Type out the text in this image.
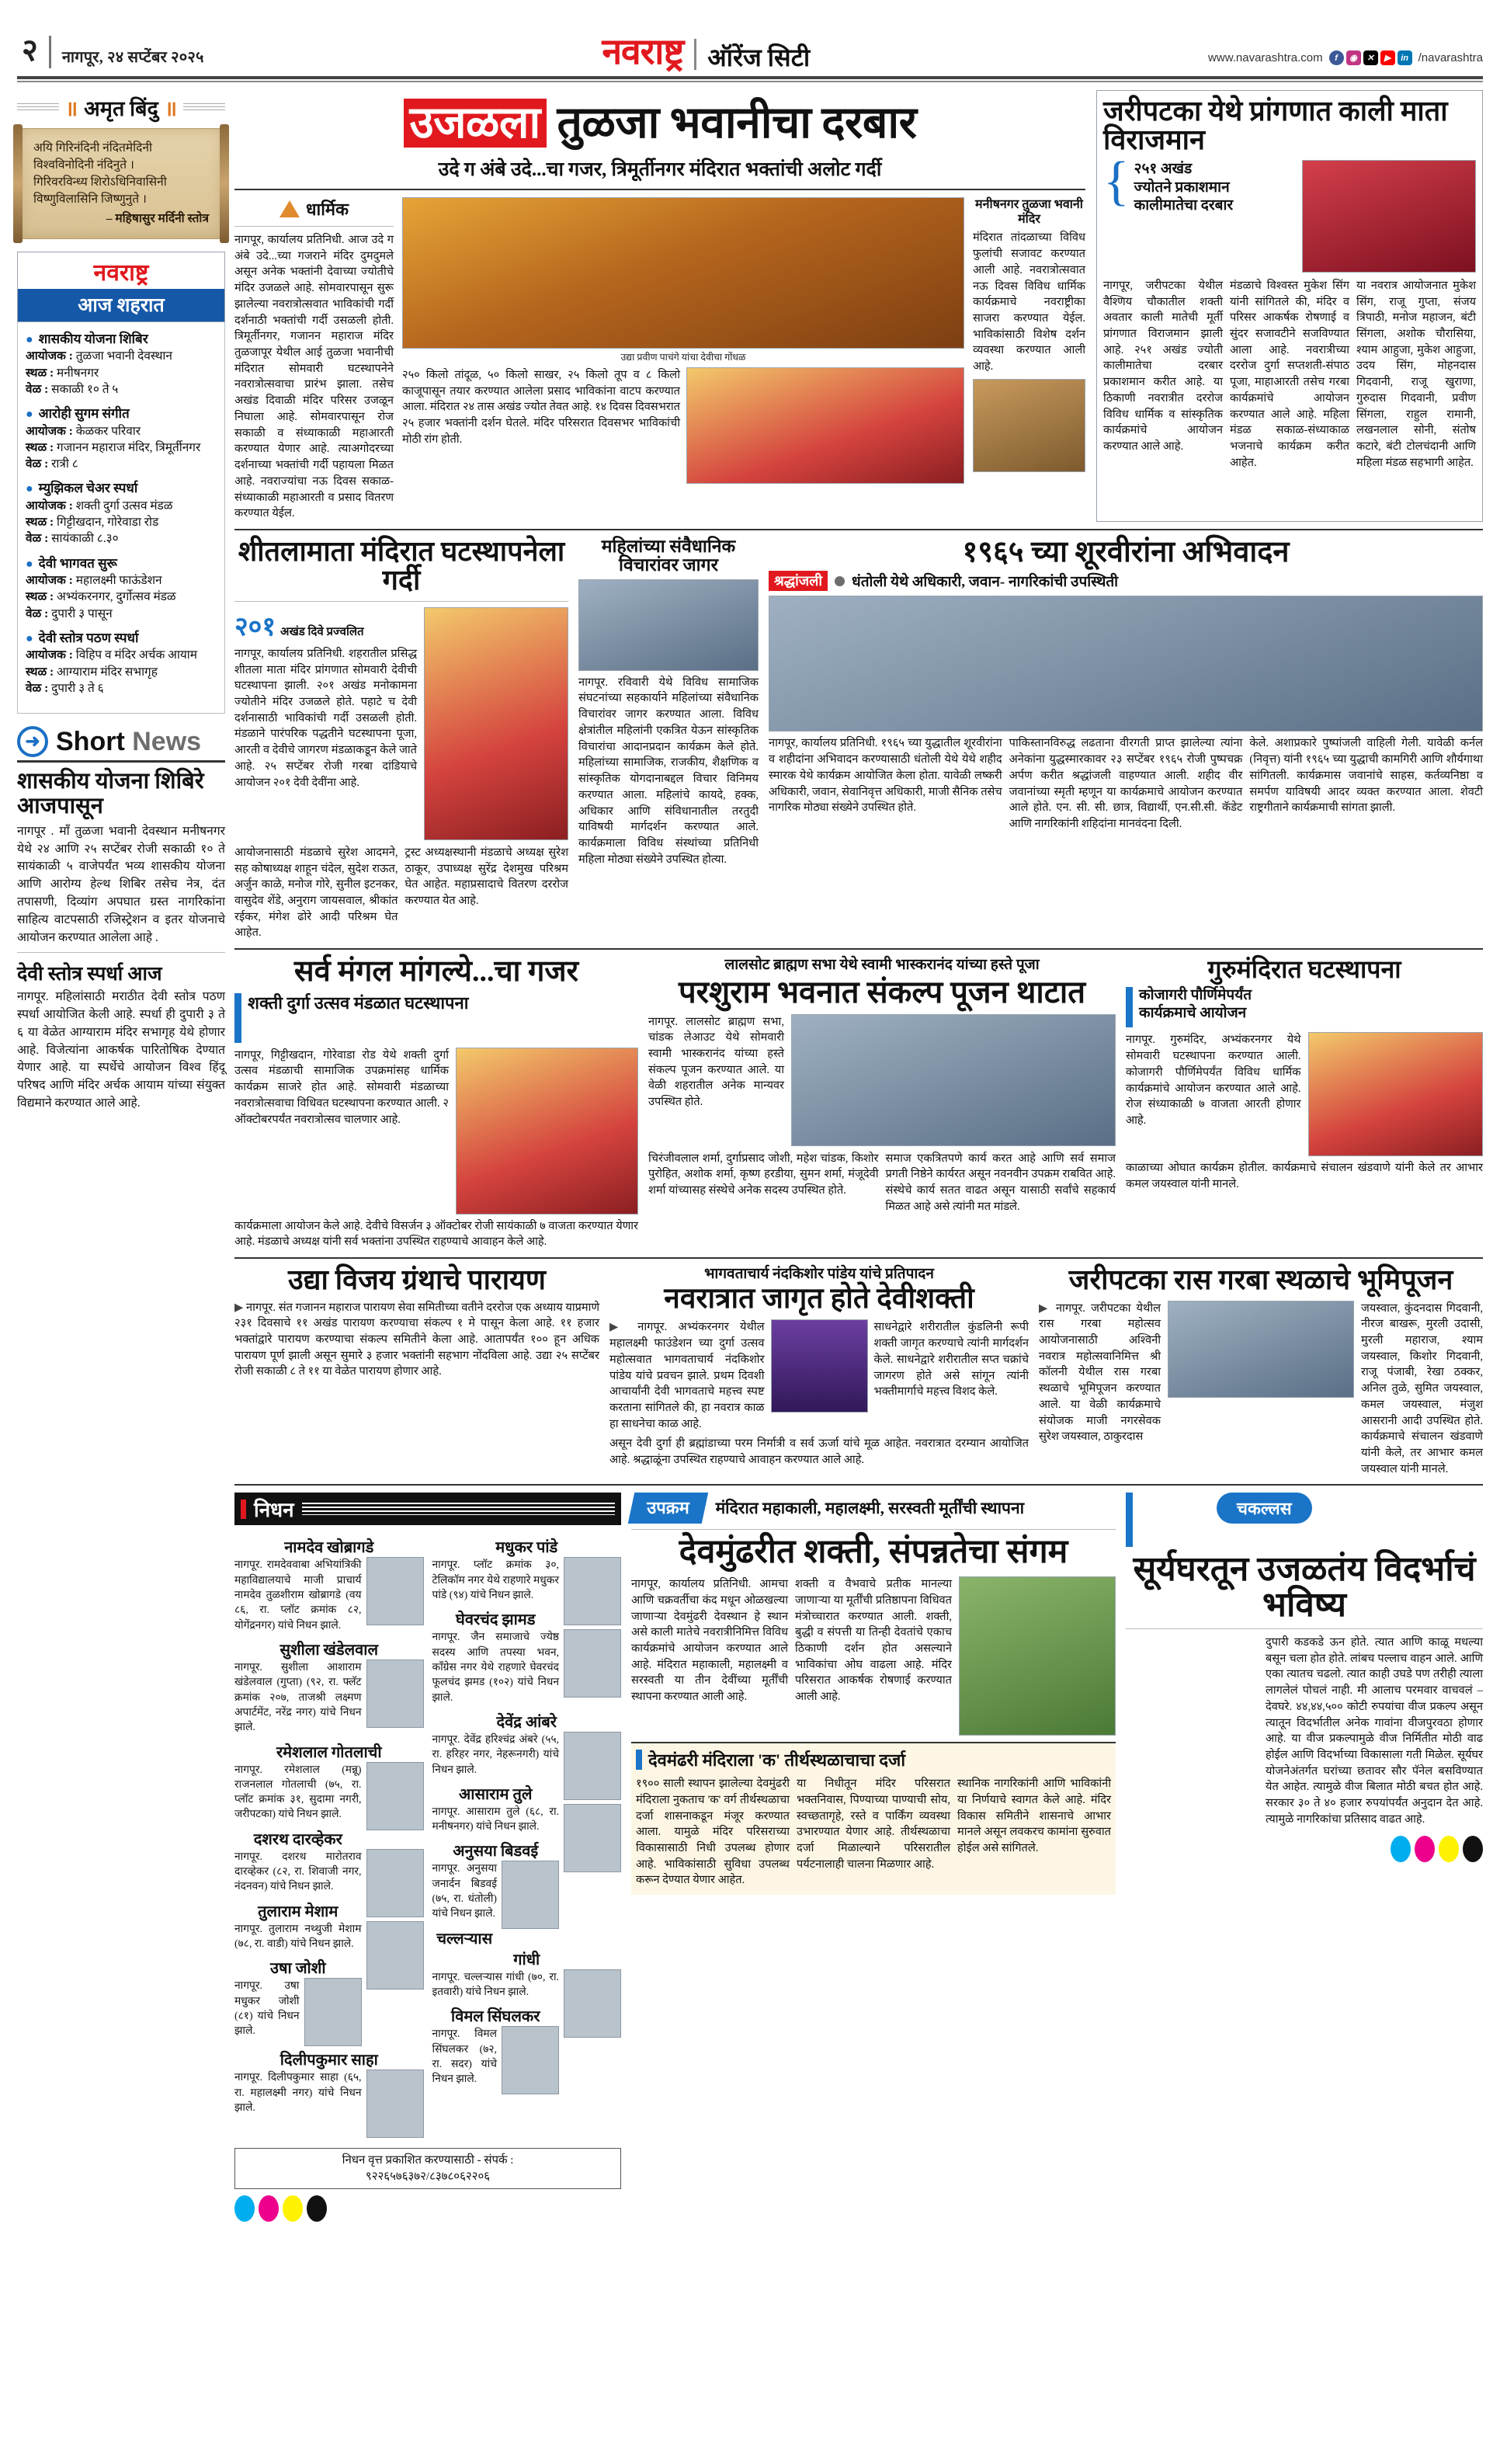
२	नागपूर, २४ सप्टेंबर २०२५	नवराष्ट्र ऑरेंज सिटी	www.navarashtra.com	f	◉	✕	▶	in /navarashtra
॥ अमृत बिंदु ॥

अयि गिरिनंदिनी नंदितमेदिनी

विश्वविनोदिनी नंदिनुते ।

गिरिवरविन्ध्य शिरोऽधिनिवासिनी

विष्णुविलासिनि जिष्णुनुते ।

– महिषासुर मर्दिनी स्तोत्र

नवराष्ट्र
आज शहरात
● शासकीय योजना शिबिर
आयोजक : तुळजा भवानी देवस्थान
स्थळ : मनीषनगर
वेळ : सकाळी १० ते ५
● आरोही सुगम संगीत
आयोजक : केळकर परिवार
स्थळ : गजानन महाराज मंदिर, त्रिमूर्तीनगर
वेळ : रात्री ८
● म्युझिकल चेअर स्पर्धा
आयोजक : शक्ती दुर्गा उत्सव मंडळ
स्थळ : गिट्टीखदान, गोरेवाडा रोड
वेळ : सायंकाळी ८.३०
● देवी भागवत सुरू
आयोजक : महालक्ष्मी फाऊंडेशन
स्थळ : अभ्यंकरनगर, दुर्गोत्सव मंडळ
वेळ : दुपारी ३ पासून
● देवी स्तोत्र पठण स्पर्धा
आयोजक : विहिप व मंदिर अर्चक आयाम
स्थळ : आग्याराम मंदिर सभागृह
वेळ : दुपारी ३ ते ६
➜
Short News
शासकीय योजना शिबिरे आजपासून
नागपूर . माँ तुळजा भवानी देवस्थान मनीषनगर येथे २४ आणि २५ सप्टेंबर रोजी सकाळी १० ते सायंकाळी ५ वाजेपर्यंत भव्य शासकीय योजना आणि आरोग्य हेल्थ शिबिर तसेच नेत्र, दंत तपासणी, दिव्यांग अपघात ग्रस्त नागरिकांना साहित्य वाटपसाठी रजिस्ट्रेशन व इतर योजनाचे आयोजन करण्यात आलेला आहे .
देवी स्तोत्र स्पर्धा आज
नागपूर. महिलांसाठी मराठीत देवी स्तोत्र पठण स्पर्धा आयोजित केली आहे. स्पर्धा ही दुपारी ३ ते ६ या वेळेत आग्याराम मंदिर सभागृह येथे होणार आहे. विजेत्यांना आकर्षक पारितोषिक देण्यात येणार आहे. या स्पर्धेचे आयोजन विश्व हिंदू परिषद आणि मंदिर अर्चक आयाम यांच्या संयुक्त विद्यमाने करण्यात आले आहे.
उजळला तुळजा भवानीचा दरबार
उदे ग अंबे उदे...चा गजर, त्रिमूर्तीनगर मंदिरात भक्तांची अलोट गर्दी
धार्मिक
नागपूर, कार्यालय प्रतिनिधी. आज उदे ग अंबे उदे...च्या गजराने मंदिर दुमदुमले असून अनेक भक्तांनी देवाच्या ज्योतीचे मंदिर उजळले आहे. सोमवारपासून सुरू झालेल्या नवरात्रोत्सवात भाविकांची गर्दी दर्शनाठी भक्तांची गर्दी उसळली होती. त्रिमूर्तीनगर, गजानन महाराज मंदिर तुळजापूर येथील आई तुळजा भवानीची मंदिरात सोमवारी घटस्थापनेने नवरात्रोत्सवाचा प्रारंभ झाला. तसेच अखंड दिवाळी मंदिर परिसर उजळून निघाला आहे. सोमवारपासून रोज सकाळी व संध्याकाळी महाआरती करण्यात येणार आहे. त्याअगोदरच्या दर्शनाच्या भक्तांची गर्दी पहायला मिळत आहे. नवराज्यांचा नऊ दिवस सकाळ-संध्याकाळी महाआरती व प्रसाद वितरण करण्यात येईल.
उद्या प्रवीण पाचंगे यांचा देवीचा गोंधळ
२५० किलो तांदूळ, ५० किलो साखर, २५ किलो तूप व ८ किलो काजूपासून तयार करण्यात आलेला प्रसाद भाविकांना वाटप करण्यात आला. मंदिरात २४ तास अखंड ज्योत तेवत आहे. १४ दिवस दिवसभरात २५ हजार भक्तांनी दर्शन घेतले. मंदिर परिसरात दिवसभर भाविकांची मोठी रांग होती.
मनीषनगर तुळजा भवानी मंदिर
मंदिरात तांदळाच्या विविध फुलांची सजावट करण्यात आली आहे. नवरात्रोत्सवात नऊ दिवस विविध धार्मिक कार्यक्रमाचे नवराष्ट्रीका साजरा करण्यात येईल. भाविकांसाठी विशेष दर्शन व्यवस्था करण्यात आली आहे.
जरीपटका येथे प्रांगणात काली माता विराजमान
{ २५१ अखंड
ज्योतने प्रकाशमान
कालीमातेचा दरबार
नागपूर, जरीपटका येथील वैश्णिय चौकातील शक्ती अवतार काली मातेची मूर्ती प्रांगणात विराजमान झाली आहे. २५१ अखंड ज्योती कालीमातेचा दरबार प्रकाशमान करीत आहे. या ठिकाणी नवरात्रीत दररोज विविध धार्मिक व सांस्कृतिक कार्यक्रमांचे आयोजन करण्यात आले आहे.
मंडळाचे विश्वस्त मुकेश सिंग यांनी सांगितले की, मंदिर व परिसर आकर्षक रोषणाई व सुंदर सजावटीने सजविण्यात आला आहे. नवरात्रीच्या दररोज दुर्गा सप्तशती-संपाठ पूजा, माहाआरती तसेच गरबा कार्यक्रमांचे आयोजन करण्यात आले आहे. महिला मंडळ सकाळ-संध्याकाळ भजनाचे कार्यक्रम करीत आहेत.
या नवरात्र आयोजनात मुकेश सिंग, राजू गुप्ता, संजय त्रिपाठी, मनोज महाजन, बंटी सिंगला, अशोक चौरासिया, श्याम आहुजा, मुकेश आहुजा, उदय सिंग, मोहनदास गिदवानी, राजू खुराणा, गुरुदास गिदवानी, प्रवीण सिंगला, राहुल रामानी, लखनलाल सोनी, संतोष कटारे, बंटी टोलचंदानी आणि महिला मंडळ सहभागी आहेत.
शीतलामाता मंदिरात घटस्थापनेला गर्दी
२०१ अखंड दिवे प्रज्वलित
नागपूर, कार्यालय प्रतिनिधी. शहरातील प्रसिद्ध शीतला माता मंदिर प्रांगणात सोमवारी देवीची घटस्थापना झाली. २०१ अखंड मनोकामना ज्योतीने मंदिर उजळले होते. पहाटे च देवी दर्शनासाठी भाविकांची गर्दी उसळली होती. मंडळाने पारंपरिक पद्धतीने घटस्थापना पूजा, आरती व देवीचे जागरण मंडळाकडून केले जाते आहे. २५ सप्टेंबर रोजी गरबा दांडियाचे आयोजन २०१ देवी देवींना आहे.
आयोजनासाठी मंडळाचे सुरेश आदमने, सह कोषाध्यक्ष शाहून चंदेल, सुदेश राऊत, अर्जुन काळे, मनोज गोरे, सुनील इटनकर, वासुदेव शेंडे, अनुराग जायसवाल, श्रीकांत रईकर, मंगेश ढोरे आदी परिश्रम घेत आहेत.
ट्रस्ट अध्यक्षस्थानी मंडळाचे अध्यक्ष सुरेश ठाकूर, उपाध्यक्ष सुरेंद्र देशमुख परिश्रम घेत आहेत. महाप्रसादाचे वितरण दररोज करण्यात येत आहे.
महिलांच्या संवैधानिक विचारांवर जागर
नागपूर. रविवारी येथे विविध सामाजिक संघटनांच्या सहकार्याने महिलांच्या संवैधानिक विचारांवर जागर करण्यात आला. विविध क्षेत्रांतील महिलांनी एकत्रित येऊन सांस्कृतिक विचारांचा आदानप्रदान कार्यक्रम केले होते. महिलांच्या सामाजिक, राजकीय, शैक्षणिक व सांस्कृतिक योगदानाबद्दल विचार विनिमय करण्यात आला. महिलांचे कायदे, हक्क, अधिकार आणि संविधानातील तरतुदी याविषयी मार्गदर्शन करण्यात आले. कार्यक्रमाला विविध संस्थांच्या प्रतिनिधी महिला मोठ्या संख्येने उपस्थित होत्या.
१९६५ च्या शूरवीरांना अभिवादन
श्रद्धांजली	धंतोली येथे अधिकारी, जवान- नागरिकांची उपस्थिती
नागपूर, कार्यालय प्रतिनिधी. १९६५ च्या युद्धातील शूरवीरांना व शहीदांना अभिवादन करण्यासाठी धंतोली येथे येथे शहीद स्मारक येथे कार्यक्रम आयोजित केला होता. यावेळी लष्करी अधिकारी, जवान, सेवानिवृत्त अधिकारी, माजी सैनिक तसेच नागरिक मोठ्या संख्येने उपस्थित होते.
पाकिस्तानविरुद्ध लढताना वीरगती प्राप्त झालेल्या त्यांना अनेकांना युद्धस्मारकावर २३ सप्टेंबर १९६५ रोजी पुष्पचक्र अर्पण करीत श्रद्धांजली वाहण्यात आली. शहीद वीर जवानांच्या स्मृती म्हणून या कार्यक्रमाचे आयोजन करण्यात आले होते. एन. सी. सी. छात्र, विद्यार्थी, एन.सी.सी. कॅडेट आणि नागरिकांनी शहिदांना मानवंदना दिली.
केले. अशाप्रकारे पुष्पांजली वाहिली गेली. यावेळी कर्नल (निवृत्त) यांनी १९६५ च्या युद्धाची कामगिरी आणि शौर्यगाथा सांगितली. कार्यक्रमास जवानांचे साहस, कर्तव्यनिष्ठा व समर्पण याविषयी आदर व्यक्त करण्यात आला. शेवटी राष्ट्रगीताने कार्यक्रमाची सांगता झाली.
सर्व मंगल मांगल्ये...चा गजर
शक्ती दुर्गा उत्सव मंडळात घटस्थापना
नागपूर, गिट्टीखदान, गोरेवाडा रोड येथे शक्ती दुर्गा उत्सव मंडळाची सामाजिक उपक्रमांसह धार्मिक कार्यक्रम साजरे होत आहे. सोमवारी मंडळाच्या नवरात्रोत्सवाचा विधिवत घटस्थापना करण्यात आली. २ ऑक्टोबरपर्यंत नवरात्रोत्सव चालणार आहे.
कार्यक्रमाला आयोजन केले आहे. देवीचे विसर्जन ३ ऑक्टोबर रोजी सायंकाळी ७ वाजता करण्यात येणार आहे. मंडळाचे अध्यक्ष यांनी सर्व भक्तांना उपस्थित राहण्याचे आवाहन केले आहे.
लालसोट ब्राह्मण सभा येथे स्वामी भास्करानंद यांच्या हस्ते पूजा
परशुराम भवनात संकल्प पूजन थाटात
नागपूर. लालसोट ब्राह्मण सभा, चांडक लेआउट येथे सोमवारी स्वामी भास्करानंद यांच्या हस्ते संकल्प पूजन करण्यात आले. या वेळी शहरातील अनेक मान्यवर उपस्थित होते.
चिरंजीवलाल शर्मा, दुर्गाप्रसाद जोशी, महेश चांडक, किशोर पुरोहित, अशोक शर्मा, कृष्ण हरडीया, सुमन शर्मा, मंजूदेवी शर्मा यांच्यासह संस्थेचे अनेक सदस्य उपस्थित होते.
समाज एकत्रितपणे कार्य करत आहे आणि सर्व समाज प्रगती निष्ठेने कार्यरत असून नवनवीन उपक्रम राबवित आहे. संस्थेचे कार्य सतत वाढत असून यासाठी सर्वांचे सहकार्य मिळत आहे असे त्यांनी मत मांडले.
गुरुमंदिरात घटस्थापना
कोजागरी पौर्णिमेपर्यंत
कार्यक्रमाचे आयोजन
नागपूर. गुरुमंदिर, अभ्यंकरनगर येथे सोमवारी घटस्थापना करण्यात आली. कोजागरी पौर्णिमेपर्यंत विविध धार्मिक कार्यक्रमांचे आयोजन करण्यात आले आहे. रोज संध्याकाळी ७ वाजता आरती होणार आहे.
काळाच्या ओघात कार्यक्रम होतील. कार्यक्रमाचे संचालन खंडवाणे यांनी केले तर आभार कमल जयस्वाल यांनी मानले.
उद्या विजय ग्रंथाचे पारायण
▶ नागपूर. संत गजानन महाराज पारायण सेवा समितीच्या वतीने दररोज एक अध्याय याप्रमाणे २३१ दिवसाचे ११ अखंड पारायण करण्याचा संकल्प १ मे पासून केला आहे. ११ हजार भक्तांद्वारे पारायण करण्याचा संकल्प समितीने केला आहे. आतापर्यंत १०० हून अधिक पारायण पूर्ण झाली असून सुमारे ३ हजार भक्तांनी सहभाग नोंदविला आहे. उद्या २५ सप्टेंबर रोजी सकाळी ८ ते ११ या वेळेत पारायण होणार आहे.
भागवताचार्य नंदकिशोर पांडेय यांचे प्रतिपादन
नवरात्रात जागृत होते देवीशक्ती
▶ नागपूर. अभ्यंकरनगर येथील महालक्ष्मी फाउंडेशन च्या दुर्गा उत्सव महोत्सवात भागवताचार्य नंदकिशोर पांडेय यांचे प्रवचन झाले. प्रथम दिवशी आचार्यांनी देवी भागवताचे महत्त्व स्पष्ट करताना सांगितले की, हा नवरात्र काळ हा साधनेचा काळ आहे.
साधनेद्वारे शरीरातील कुंडलिनी रूपी शक्ती जागृत करण्याचे त्यांनी मार्गदर्शन केले. साधनेद्वारे शरीरातील सप्त चक्रांचे जागरण होते असे सांगून त्यांनी भक्तीमार्गाचे महत्त्व विशद केले.
असून देवी दुर्गा ही ब्रह्मांडाच्या परम निर्मात्री व सर्व ऊर्जा यांचे मूळ आहेत. नवरात्रात दरम्यान आयोजित आहे. श्रद्धाळूंना उपस्थित राहण्याचे आवाहन करण्यात आले आहे.
जरीपटका रास गरबा स्थळाचे भूमिपूजन
▶ नागपूर. जरीपटका येथील रास गरबा महोत्सव आयोजनासाठी अश्विनी नवरात्र महोत्सवानिमित्त श्री कॉलनी येथील रास गरबा स्थळाचे भूमिपूजन करण्यात आले. या वेळी कार्यक्रमाचे संयोजक माजी नगरसेवक सुरेश जयस्वाल, ठाकुरदास
जयस्वाल, कुंदनदास गिदवानी, नीरज बाखरू, मुरली उदासी, मुरली महाराज, श्याम जयस्वाल, किशोर गिदवानी, राजू पंजाबी, रेखा ठक्कर, अनिल तुळे, सुमित जयस्वाल, कमल जयस्वाल, मंजुश आसरानी आदी उपस्थित होते. कार्यक्रमाचे संचालन खंडवाणे यांनी केले, तर आभार कमल जयस्वाल यांनी मानले.
निधन
नामदेव खोब्रागडे
नागपूर. रामदेववाबा अभियांत्रिकी महाविद्यालयाचे माजी प्राचार्य नामदेव तुळशीराम खोब्रागडे (वय ८६, रा. प्लॉट क्रमांक ८२, योगेंद्रनगर) यांचे निधन झाले.
सुशीला खंडेलवाल
नागपूर. सुशीला आशाराम खंडेलवाल (गुप्ता) (९२, रा. फ्लॅट क्रमांक २०७, ताजश्री लक्ष्मण अपार्टमेंट, नरेंद्र नगर) यांचे निधन झाले.
रमेशलाल गोतलाची
नागपूर. रमेशलाल (मन्नू) राजनलाल गोतलाची (७५, रा. प्लॉट क्रमांक ३१, सुदामा नगरी, जरीपटका) यांचे निधन झाले.
दशरथ दारव्हेकर
नागपूर. दशरथ मारोतराव दारव्हेकर (८२, रा. शिवाजी नगर, नंदनवन) यांचे निधन झाले.
तुलाराम मेशाम
नागपूर. तुलाराम नथ्थुजी मेशाम (७८, रा. वाडी) यांचे निधन झाले.
उषा जोशी
नागपूर. उषा मधुकर जोशी (८१) यांचे निधन झाले.
दिलीपकुमार साहा
नागपूर. दिलीपकुमार साहा (६५, रा. महालक्ष्मी नगर) यांचे निधन झाले.
मधुकर पांडे
नागपूर. प्लॉट क्रमांक ३०, टेलिकॉम नगर येथे राहणारे मधुकर पांडे (९४) यांचे निधन झाले.
घेवरचंद झामड
नागपूर. जैन समाजाचे ज्येष्ठ सदस्य आणि तपस्या भवन, काँग्रेस नगर येथे राहणारे घेवरचंद फूलचंद झमड (१०२) यांचे निधन झाले.
देवेंद्र आंबरे
नागपूर. देवेंद्र हरिश्चंद्र अंबरे (५५, रा. हरिहर नगर, नेहरूनगरी) यांचे निधन झाले.
आसाराम तुले
नागपूर. आसाराम तुले (६८, रा. मनीषनगर) यांचे निधन झाले.
अनुसया बिडवई
नागपूर. अनुसया जनार्दन बिडवई (७५, रा. धंतोली) यांचे निधन झाले.
चल्लऱ्यास गांधी
नागपूर. चल्लऱ्यास गांधी (७०, रा. इतवारी) यांचे निधन झाले.
विमल सिंघलकर
नागपूर. विमल सिंघलकर (७२, रा. सदर) यांचे निधन झाले.
निधन वृत्त प्रकाशित करण्यासाठी - संपर्क :
९२२६५७६३७२/८३७८०६२२०६
उपक्रम	मंदिरात महाकाली, महालक्ष्मी, सरस्वती मूर्तींची स्थापना
देवमुंढरीत शक्ती, संपन्नतेचा संगम
नागपूर, कार्यालय प्रतिनिधी. आमचा आणि चक्रवर्तीचा कंद मधून ओळखल्या जाणाऱ्या देवमुंढरी देवस्थान हे स्थान असे काली मातेचे नवरात्रीनिमित्त विविध कार्यक्रमांचे आयोजन करण्यात आले आहे. मंदिरात महाकाली, महालक्ष्मी व सरस्वती या तीन देवींच्या मूर्तींची स्थापना करण्यात आली आहे.
शक्ती व वैभवाचे प्रतीक मानल्या जाणाऱ्या या मूर्तींची प्रतिष्ठापना विधिवत मंत्रोच्चारात करण्यात आली. शक्ती, बुद्धी व संपत्ती या तिन्ही देवतांचे एकाच ठिकाणी दर्शन होत असल्याने भाविकांचा ओघ वाढला आहे. मंदिर परिसरात आकर्षक रोषणाई करण्यात आली आहे.
देवमंढरी मंदिराला 'क' तीर्थस्थळाचाचा दर्जा
१९०० साली स्थापन झालेल्या देवमुंढरी मंदिराला नुकताच 'क' वर्ग तीर्थस्थळाचा दर्जा शासनाकडून मंजूर करण्यात आला. यामुळे मंदिर परिसराच्या विकासासाठी निधी उपलब्ध होणार आहे. भाविकांसाठी सुविधा उपलब्ध करून देण्यात येणार आहेत.
या निधीतून मंदिर परिसरात भक्तनिवास, पिण्याच्या पाण्याची सोय, स्वच्छतागृहे, रस्ते व पार्किंग व्यवस्था उभारण्यात येणार आहे. तीर्थस्थळाचा दर्जा मिळाल्याने परिसरातील पर्यटनालाही चालना मिळणार आहे.
स्थानिक नागरिकांनी आणि भाविकांनी या निर्णयाचे स्वागत केले आहे. मंदिर विकास समितीने शासनाचे आभार मानले असून लवकरच कामांना सुरुवात होईल असे सांगितले.
चकल्लस
सूर्यघरतून उजळतंय विदर्भाचं भविष्य
दुपारी कडकडे ऊन होते. त्यात आणि काळू मधल्या बसून चला होत होते. लांबच पल्लाच वाहन आले. आणि एका त्यातच चढलो. त्यात काही उघडे पण तरीही त्याला लागलेलं पोचलं नाही. मी आलाच परमवार वाचवलं – देवघरे. ४४,४४,५०० कोटी रुपयांचा वीज प्रकल्प असून त्यातून विदर्भातील अनेक गावांना वीजपुरवठा होणार आहे. या वीज प्रकल्पामुळे वीज निर्मितीत मोठी वाढ होईल आणि विदर्भाच्या विकासाला गती मिळेल. सूर्यघर योजनेअंतर्गत घरांच्या छतावर सौर पॅनेल बसविण्यात येत आहेत. त्यामुळे वीज बिलात मोठी बचत होत आहे. सरकार ३० ते ४० हजार रुपयांपर्यंत अनुदान देत आहे. त्यामुळे नागरिकांचा प्रतिसाद वाढत आहे.
